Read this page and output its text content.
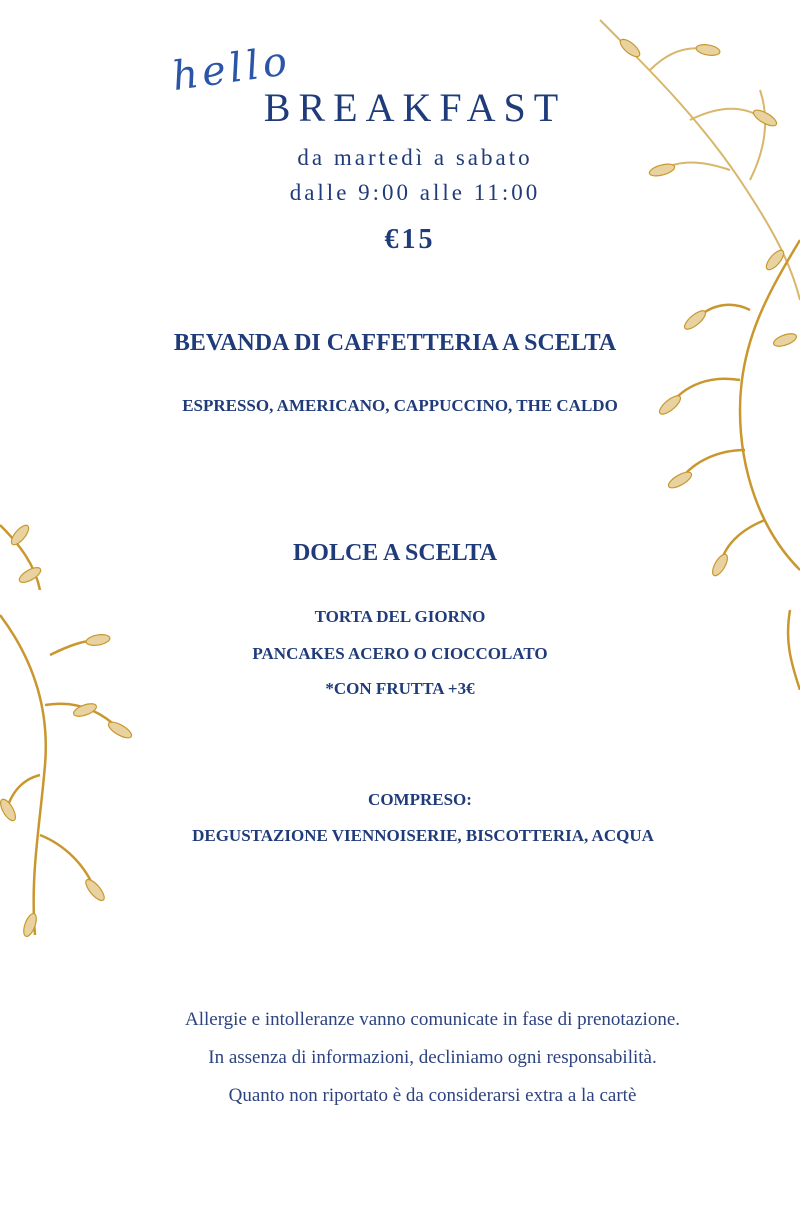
hello
BREAKFAST
da martedì a sabato
dalle 9:00 alle 11:00
€15
BEVANDA DI CAFFETTERIA A SCELTA
ESPRESSO, AMERICANO, CAPPUCCINO, THE CALDO
DOLCE A SCELTA
TORTA DEL GIORNO
PANCAKES ACERO O CIOCCOLATO
*CON FRUTTA +3€
COMPRESO:
DEGUSTAZIONE VIENNOISERIE, BISCOTTERIA, ACQUA
Allergie e intolleranze vanno comunicate in fase di prenotazione.
In assenza di informazioni, decliniamo ogni responsabilità.
Quanto non riportato è da considerarsi extra a la cartè
